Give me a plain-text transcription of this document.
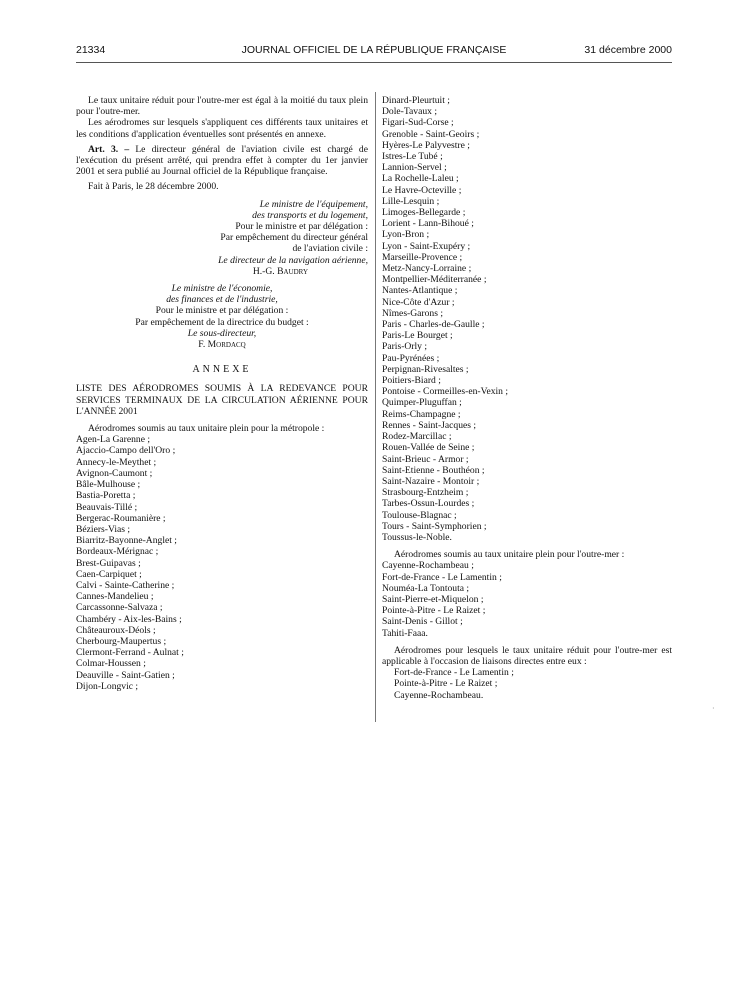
21334	JOURNAL OFFICIEL DE LA RÉPUBLIQUE FRANÇAISE	31 décembre 2000

Le taux unitaire réduit pour l'outre-mer est égal à la moitié du taux plein pour l'outre-mer.

Les aérodromes sur lesquels s'appliquent ces différents taux unitaires et les conditions d'application éventuelles sont présentés en annexe.

Art. 3. – Le directeur général de l'aviation civile est chargé de l'exécution du présent arrêté, qui prendra effet à compter du 1er janvier 2001 et sera publié au Journal officiel de la République française.

Fait à Paris, le 28 décembre 2000.

Le ministre de l'équipement,
des transports et du logement,
Pour le ministre et par délégation :
Par empêchement du directeur général
de l'aviation civile :
Le directeur de la navigation aérienne,
H.-G. Baudry
Le ministre de l'économie,
des finances et de l'industrie,
Pour le ministre et par délégation :
Par empêchement de la directrice du budget :
Le sous-directeur,
F. Mordacq
ANNEXE
LISTE DES AÉRODROMES SOUMIS À LA REDEVANCE POUR SERVICES TERMINAUX DE LA CIRCULATION AÉRIENNE POUR L'ANNÉE 2001
Aérodromes soumis au taux unitaire plein pour la métropole :
Agen-La Garenne ;
Ajaccio-Campo dell'Oro ;
Annecy-le-Meythet ;
Avignon-Caumont ;
Bâle-Mulhouse ;
Bastia-Poretta ;
Beauvais-Tillé ;
Bergerac-Roumanière ;
Béziers-Vias ;
Biarritz-Bayonne-Anglet ;
Bordeaux-Mérignac ;
Brest-Guipavas ;
Caen-Carpiquet ;
Calvi - Sainte-Catherine ;
Cannes-Mandelieu ;
Carcassonne-Salvaza ;
Chambéry - Aix-les-Bains ;
Châteauroux-Déols ;
Cherbourg-Maupertus ;
Clermont-Ferrand - Aulnat ;
Colmar-Houssen ;
Deauville - Saint-Gatien ;
Dijon-Longvic ;
Dinard-Pleurtuit ;
Dole-Tavaux ;
Figari-Sud-Corse ;
Grenoble - Saint-Geoirs ;
Hyères-Le Palyvestre ;
Istres-Le Tubé ;
Lannion-Servel ;
La Rochelle-Laleu ;
Le Havre-Octeville ;
Lille-Lesquin ;
Limoges-Bellegarde ;
Lorient - Lann-Bihoué ;
Lyon-Bron ;
Lyon - Saint-Exupéry ;
Marseille-Provence ;
Metz-Nancy-Lorraine ;
Montpellier-Méditerranée ;
Nantes-Atlantique ;
Nice-Côte d'Azur ;
Nîmes-Garons ;
Paris - Charles-de-Gaulle ;
Paris-Le Bourget ;
Paris-Orly ;
Pau-Pyrénées ;
Perpignan-Rivesaltes ;
Poitiers-Biard ;
Pontoise - Cormeilles-en-Vexin ;
Quimper-Pluguffan ;
Reims-Champagne ;
Rennes - Saint-Jacques ;
Rodez-Marcillac ;
Rouen-Vallée de Seine ;
Saint-Brieuc - Armor ;
Saint-Etienne - Bouthéon ;
Saint-Nazaire - Montoir ;
Strasbourg-Entzheim ;
Tarbes-Ossun-Lourdes ;
Toulouse-Blagnac ;
Tours - Saint-Symphorien ;
Toussus-le-Noble.
Aérodromes soumis au taux unitaire plein pour l'outre-mer :
Cayenne-Rochambeau ;
Fort-de-France - Le Lamentin ;
Nouméa-La Tontouta ;
Saint-Pierre-et-Miquelon ;
Pointe-à-Pitre - Le Raizet ;
Saint-Denis - Gillot ;
Tahiti-Faaa.
Aérodromes pour lesquels le taux unitaire réduit pour l'outre-mer est applicable à l'occasion de liaisons directes entre eux :
Fort-de-France - Le Lamentin ;
Pointe-à-Pitre - Le Raizet ;
Cayenne-Rochambeau.
·
